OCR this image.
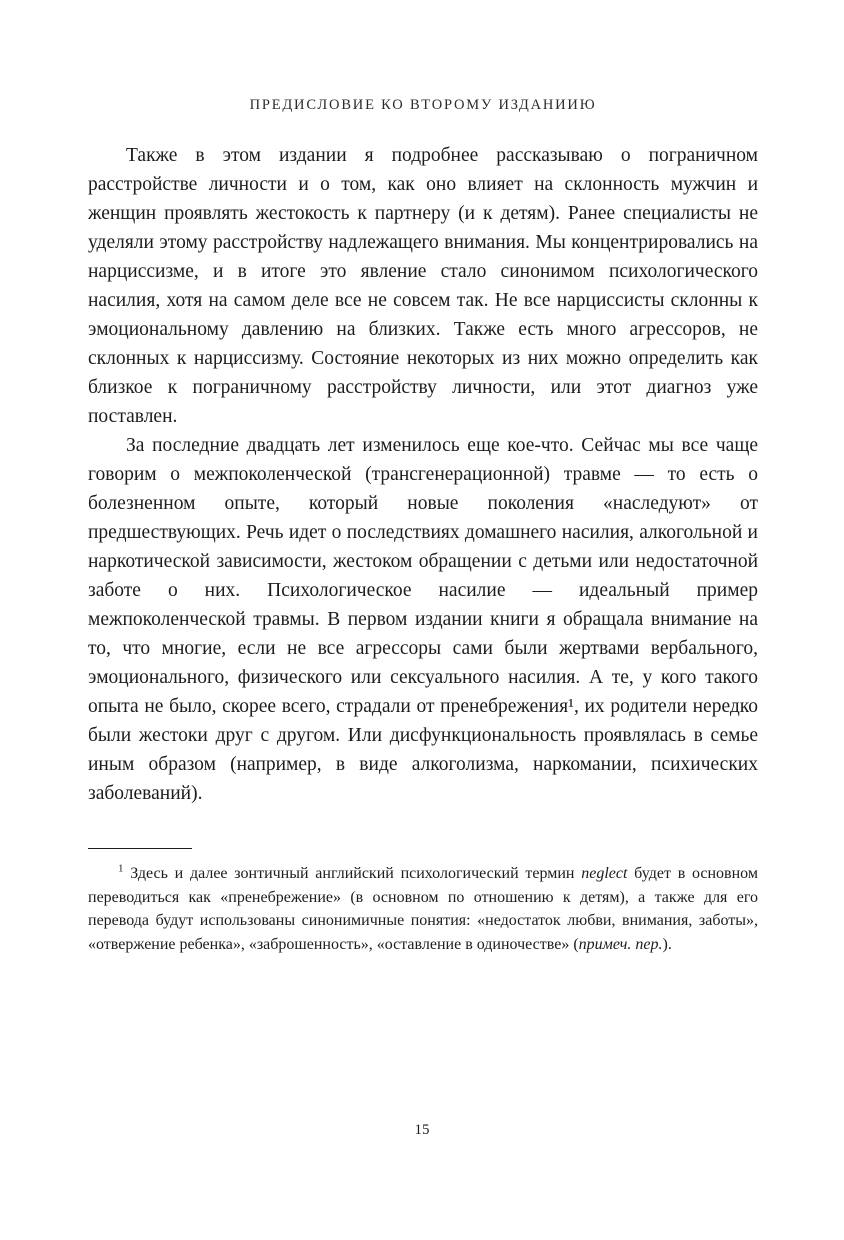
ПРЕДИСЛОВИЕ КО ВТОРОМУ ИЗДАНИИЮ

Также в этом издании я подробнее рассказываю о пограничном расстройстве личности и о том, как оно влияет на склонность мужчин и женщин проявлять жестокость к партнеру (и к детям). Ранее специалисты не уделяли этому расстройству надлежащего внимания. Мы концентрировались на нарциссизме, и в итоге это явление стало синонимом психологического насилия, хотя на самом деле все не совсем так. Не все нарциссисты склонны к эмоциональному давлению на близких. Также есть много агрессоров, не склонных к нарциссизму. Состояние некоторых из них можно определить как близкое к пограничному расстройству личности, или этот диагноз уже поставлен.

За последние двадцать лет изменилось еще кое-что. Сейчас мы все чаще говорим о межпоколенческой (трансгенерационной) травме — то есть о болезненном опыте, который новые поколения «наследуют» от предшествующих. Речь идет о последствиях домашнего насилия, алкогольной и наркотической зависимости, жестоком обращении с детьми или недостаточной заботе о них. Психологическое насилие — идеальный пример межпоколенческой травмы. В первом издании книги я обращала внимание на то, что многие, если не все агрессоры сами были жертвами вербального, эмоционального, физического или сексуального насилия. А те, у кого такого опыта не было, скорее всего, страдали от пренебрежения¹, их родители нередко были жестоки друг с другом. Или дисфункциональность проявлялась в семье иным образом (например, в виде алкоголизма, наркомании, психических заболеваний).

$^1$ Здесь и далее зонтичный английский психологический термин neglect будет в основном переводиться как «пренебрежение» (в основном по отношению к детям), а также для его перевода будут использованы синонимичные понятия: «недостаток любви, внимания, заботы», «отвержение ребенка», «заброшенность», «оставление в одиночестве» (примеч. пер.).

15
